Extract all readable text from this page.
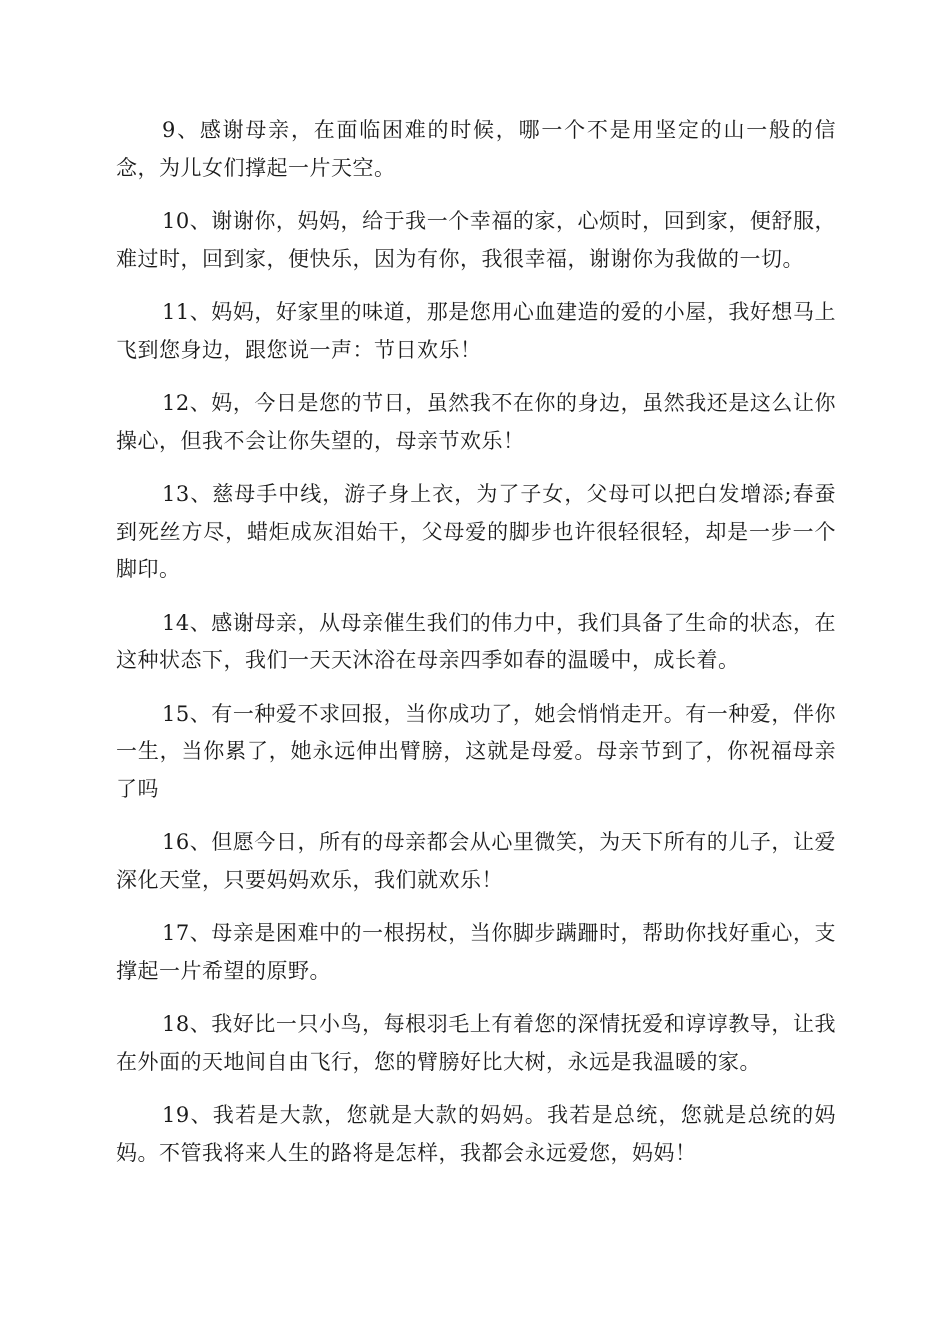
9、感谢母亲，在面临困难的时候，哪一个不是用坚定的山一般的信念，为儿女们撑起一片天空。

10、谢谢你，妈妈，给于我一个幸福的家，心烦时，回到家，便舒服，难过时，回到家，便快乐，因为有你，我很幸福，谢谢你为我做的一切。

11、妈妈，好家里的味道，那是您用心血建造的爱的小屋，我好想马上飞到您身边，跟您说一声：节日欢乐！

12、妈，今日是您的节日，虽然我不在你的身边，虽然我还是这么让你操心，但我不会让你失望的，母亲节欢乐！

13、慈母手中线，游子身上衣，为了子女，父母可以把白发增添;春蚕到死丝方尽，蜡炬成灰泪始干，父母爱的脚步也许很轻很轻，却是一步一个脚印。

14、感谢母亲，从母亲催生我们的伟力中，我们具备了生命的状态，在这种状态下，我们一天天沐浴在母亲四季如春的温暖中，成长着。

15、有一种爱不求回报，当你成功了，她会悄悄走开。有一种爱，伴你一生，当你累了，她永远伸出臂膀，这就是母爱。母亲节到了，你祝福母亲了吗

16、但愿今日，所有的母亲都会从心里微笑，为天下所有的儿子，让爱深化天堂，只要妈妈欢乐，我们就欢乐！

17、母亲是困难中的一根拐杖，当你脚步蹒跚时，帮助你找好重心，支撑起一片希望的原野。

18、我好比一只小鸟，每根羽毛上有着您的深情抚爱和谆谆教导，让我在外面的天地间自由飞行，您的臂膀好比大树，永远是我温暖的家。

19、我若是大款，您就是大款的妈妈。我若是总统，您就是总统的妈妈。不管我将来人生的路将是怎样，我都会永远爱您，妈妈！
